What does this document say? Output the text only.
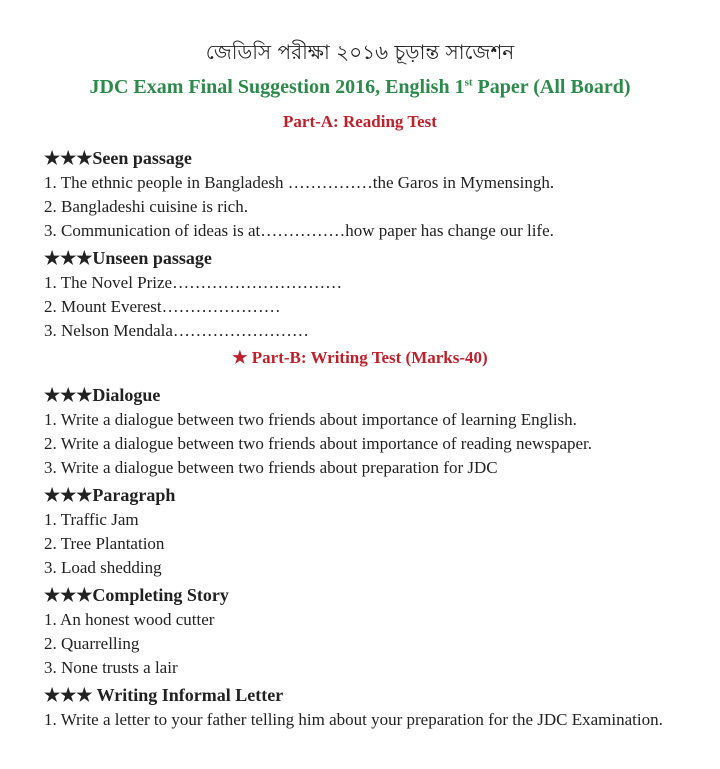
জেডিসি পরীক্ষা ২০১৬ চূড়ান্ত সাজেশন
JDC Exam Final Suggestion 2016, English 1st Paper (All Board)
Part-A: Reading Test
★★★Seen passage
1. The ethnic people in Bangladesh ……………the Garos in Mymensingh.
2. Bangladeshi cuisine is rich.
3. Communication of ideas is at……………how paper has change our life.
★★★Unseen passage
1. The Novel Prize…………………………
2. Mount Everest…………………
3. Nelson Mendala……………………
★ Part-B: Writing Test (Marks-40)
★★★Dialogue
1. Write a dialogue between two friends about importance of learning English.
2. Write a dialogue between two friends about importance of reading newspaper.
3. Write a dialogue between two friends about preparation for JDC
★★★Paragraph
1. Traffic Jam
2. Tree Plantation
3. Load shedding
★★★Completing Story
1. An honest wood cutter
2. Quarrelling
3. None trusts a lair
★★★ Writing Informal Letter
1. Write a letter to your father telling him about your preparation for the JDC Examination.
